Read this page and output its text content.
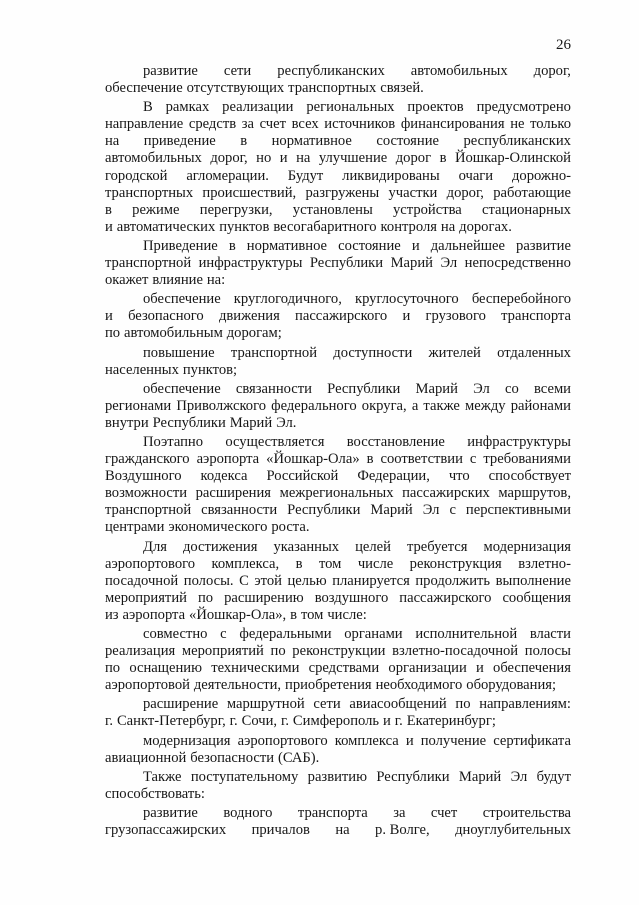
26
развитие сети республиканских автомобильных дорог,
обеспечение отсутствующих транспортных связей.
В рамках реализации региональных проектов предусмотрено
направление средств за счет всех источников финансирования не только
на приведение в нормативное состояние республиканских
автомобильных дорог, но и на улучшение дорог в Йошкар-Олинской
городской агломерации. Будут ликвидированы очаги дорожно-
транспортных происшествий, разгружены участки дорог, работающие
в режиме перегрузки, установлены устройства стационарных
и автоматических пунктов весогабаритного контроля на дорогах.
Приведение в нормативное состояние и дальнейшее развитие
транспортной инфраструктуры Республики Марий Эл непосредственно
окажет влияние на:
обеспечение круглогодичного, круглосуточного бесперебойного
и безопасного движения пассажирского и грузового транспорта
по автомобильным дорогам;
повышение транспортной доступности жителей отдаленных
населенных пунктов;
обеспечение связанности Республики Марий Эл со всеми
регионами Приволжского федерального округа, а также между районами
внутри Республики Марий Эл.
Поэтапно осуществляется восстановление инфраструктуры
гражданского аэропорта «Йошкар-Ола» в соответствии с требованиями
Воздушного кодекса Российской Федерации, что способствует
возможности расширения межрегиональных пассажирских маршрутов,
транспортной связанности Республики Марий Эл с перспективными
центрами экономического роста.
Для достижения указанных целей требуется модернизация
аэропортового комплекса, в том числе реконструкция взлетно-
посадочной полосы. С этой целью планируется продолжить выполнение
мероприятий по расширению воздушного пассажирского сообщения
из аэропорта «Йошкар-Ола», в том числе:
совместно с федеральными органами исполнительной власти
реализация мероприятий по реконструкции взлетно-посадочной полосы
по оснащению техническими средствами организации и обеспечения
аэропортовой деятельности, приобретения необходимого оборудования;
расширение маршрутной сети авиасообщений по направлениям:
г. Санкт-Петербург, г. Сочи, г. Симферополь и г. Екатеринбург;
модернизация аэропортового комплекса и получение сертификата
авиационной безопасности (САБ).
Также поступательному развитию Республики Марий Эл будут
способствовать:
развитие водного транспорта за счет строительства
грузопассажирских причалов на р. Волге, дноуглубительных
